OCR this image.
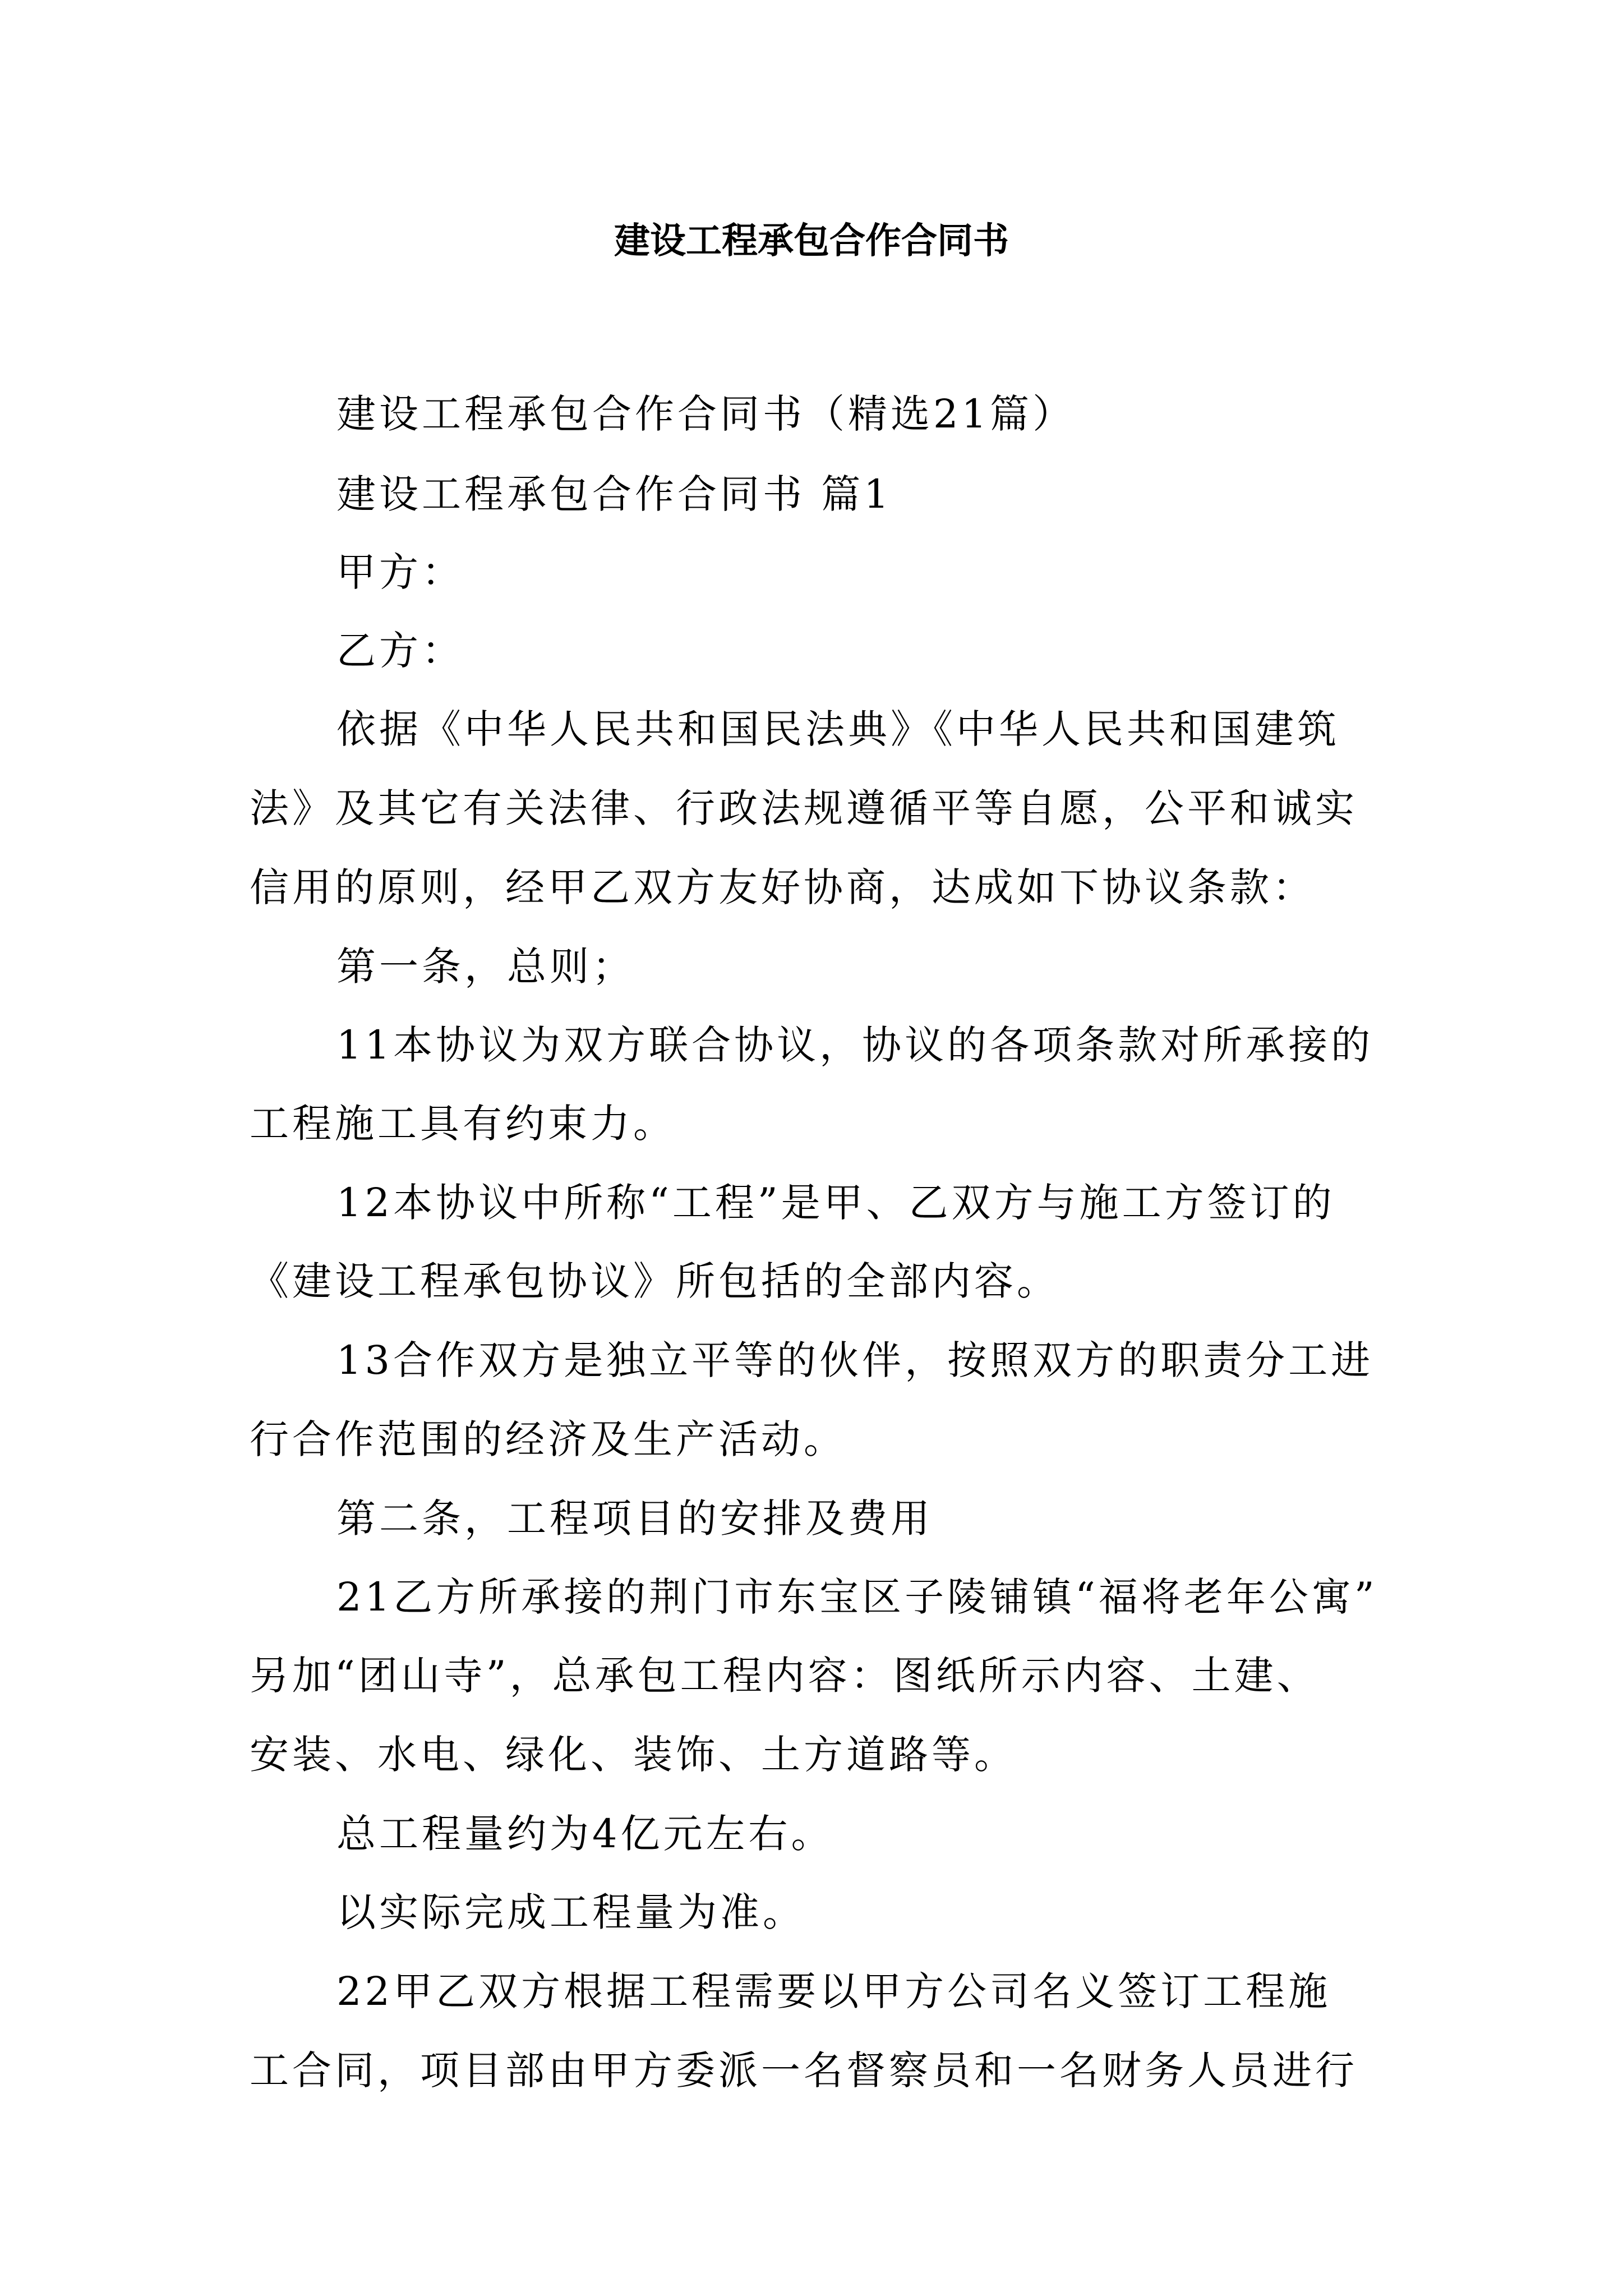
建设工程承包合作合同书
建设工程承包合作合同书（精选21篇）
建设工程承包合作合同书 篇1
甲方：
乙方：
依据《中华人民共和国民法典》《中华人民共和国建筑
法》及其它有关法律、行政法规遵循平等自愿，公平和诚实
信用的原则，经甲乙双方友好协商，达成如下协议条款：
第一条，总则；
11本协议为双方联合协议，协议的各项条款对所承接的
工程施工具有约束力。
12本协议中所称“工程”是甲、乙双方与施工方签订的
《建设工程承包协议》所包括的全部内容。
13合作双方是独立平等的伙伴，按照双方的职责分工进
行合作范围的经济及生产活动。
第二条，工程项目的安排及费用
21乙方所承接的荆门市东宝区子陵铺镇“福将老年公寓”
另加“团山寺”，总承包工程内容：图纸所示内容、土建、
安装、水电、绿化、装饰、土方道路等。
总工程量约为4亿元左右。
以实际完成工程量为准。
22甲乙双方根据工程需要以甲方公司名义签订工程施
工合同，项目部由甲方委派一名督察员和一名财务人员进行
